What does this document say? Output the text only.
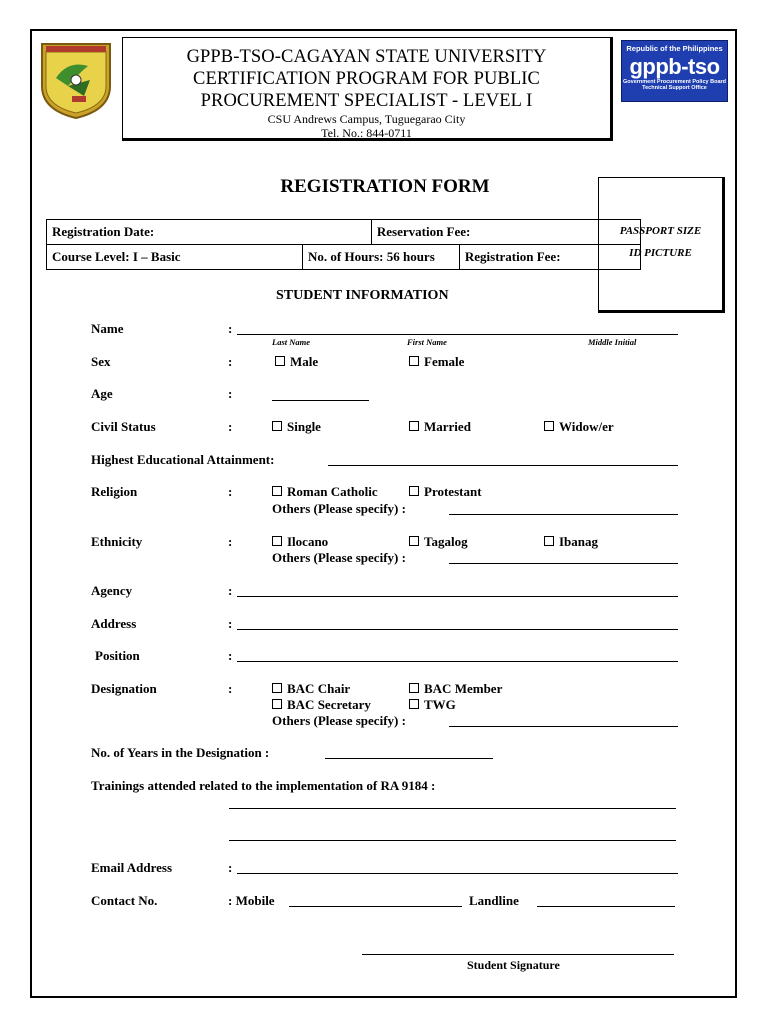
GPPB-TSO-CAGAYAN STATE UNIVERSITY
CERTIFICATION PROGRAM FOR PUBLIC
PROCUREMENT SPECIALIST - LEVEL I
CSU Andrews Campus, Tuguegarao City
Tel. No.: 844-0711
Republic of the Philippines
gppb-tso
Government Procurement Policy Board
Technical Support Office
REGISTRATION FORM
PASSPORT SIZE
ID PICTURE
Registration Date:		Reservation Fee:	
Course Level: I – Basic	No. of Hours: 56 hours		Registration Fee:
STUDENT INFORMATION
Name	:
Last Name	First Name	Middle Initial
Sex	:	Male	Female
Age	:
Civil Status	:	Single	Married	Widow/er
Highest Educational Attainment:
Religion	:	Roman Catholic	Protestant
Others (Please specify) :
Ethnicity	:	Ilocano	Tagalog	Ibanag
Others (Please specify) :
Agency	:
Address	:
Position	:
Designation	:	BAC Chair	BAC Member
BAC Secretary	TWG
Others (Please specify) :
No. of Years in the Designation :
Trainings attended related to the implementation of RA 9184 :
Email Address	:
Contact No.	: Mobile	Landline
Student Signature
